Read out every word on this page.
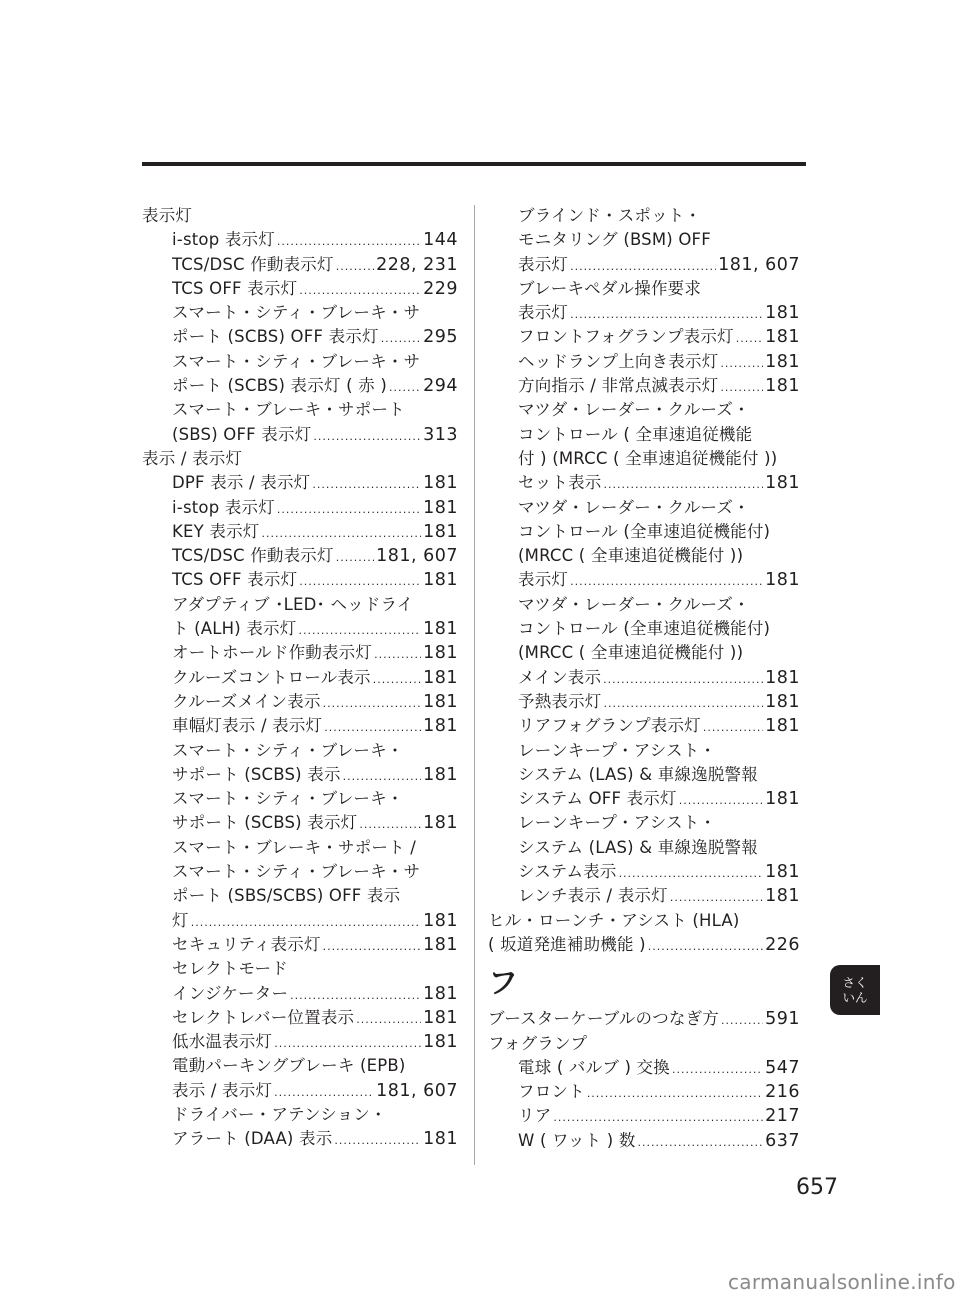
表示灯
i-stop 表示灯 .....	144
TCS/DSC 作動表示灯 ..... 228, 231
TCS OFF 表示灯 .....	229
スマート・シティ・ブレーキ・サ
ポート (SCBS) OFF 表示灯 .....	295
スマート・シティ・ブレーキ・サ
ポート (SCBS) 表示灯 ( 赤 ) ..... 294
スマート・ブレーキ・サポート
(SBS) OFF 表示灯 .....	313
表示 / 表示灯
DPF 表示 / 表示灯 .....	181
i-stop 表示灯 .....	181
KEY 表示灯 .....	181
TCS/DSC 作動表示灯 ..... 181, 607
TCS OFF 表示灯 .....	181
アダプティブ ･LED･ ヘッドライ
ト (ALH) 表示灯 .....	181
オートホールド作動表示灯 .....	181
クルーズコントロール表示 .....	181
クルーズメイン表示 .....	181
車幅灯表示 / 表示灯 .....	181
スマート・シティ・ブレーキ・
サポート (SCBS) 表示 .....	181
スマート・シティ・ブレーキ・
サポート (SCBS) 表示灯 .....	181
スマート・ブレーキ・サポート /
スマート・シティ・ブレーキ・サ
ポート (SBS/SCBS) OFF 表示
灯 .....	181
セキュリティ表示灯 .....	181
セレクトモード
インジケーター .....	181
セレクトレバー位置表示 .....	181
低水温表示灯 .....	181
電動パーキングブレーキ (EPB)
表示 / 表示灯 .....	181, 607
ドライバー・アテンション・
アラート (DAA) 表示 .....	181
ブラインド・スポット・
モニタリング (BSM) OFF
表示灯 .....	181, 607
ブレーキペダル操作要求
表示灯 .....	181
フロントフォグランプ表示灯 ..... 181
ヘッドランプ上向き表示灯 .....	181
方向指示 / 非常点滅表示灯 .....	181
マツダ・レーダー・クルーズ・
コントロール ( 全車速追従機能
付 ) (MRCC ( 全車速追従機能付 ))
セット表示 .....	181
マツダ・レーダー・クルーズ・
コントロール (全車速追従機能付)
(MRCC ( 全車速追従機能付 ))
表示灯 .....	181
マツダ・レーダー・クルーズ・
コントロール (全車速追従機能付)
(MRCC ( 全車速追従機能付 ))
メイン表示 .....	181
予熱表示灯 .....	181
リアフォグランプ表示灯 .....	181
レーンキープ・アシスト・
システム (LAS) & 車線逸脱警報
システム OFF 表示灯 .....	181
レーンキープ・アシスト・
システム (LAS) & 車線逸脱警報
システム表示 .....	181
レンチ表示 / 表示灯 .....	181
ヒル・ローンチ・アシスト (HLA)
( 坂道発進補助機能 ) .....	226
フ
ブースターケーブルのつなぎ方 .....	591
フォグランプ
電球 ( バルブ ) 交換 .....	547
フロント .....	216
リア .....	217
W ( ワット ) 数 .....	637
さく
いん
657
carmanualsonline.info
